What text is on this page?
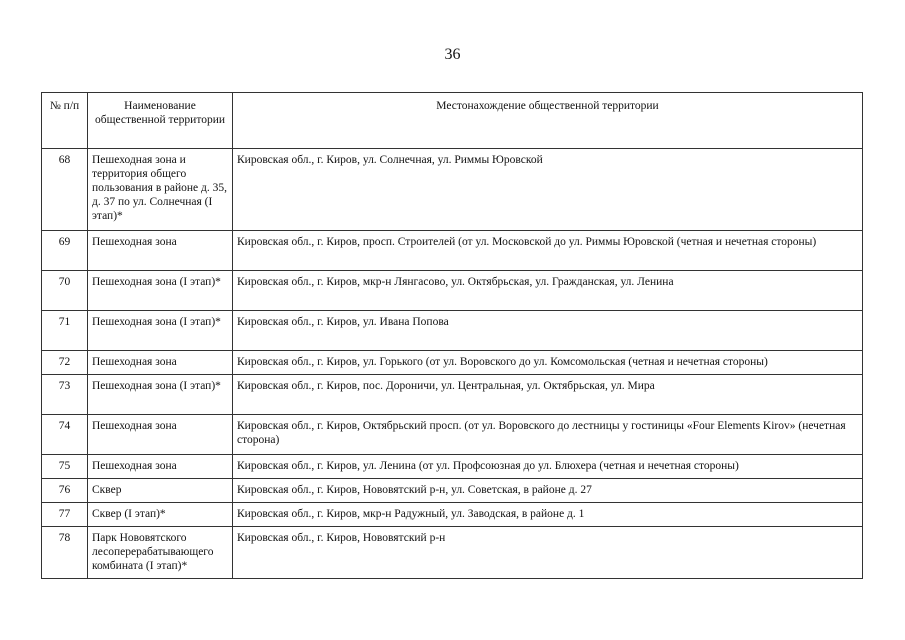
36
№ п/п	Наименование общественной территории	Местонахождение общественной территории
68	Пешеходная зона и территория общего пользования в районе д. 35, д. 37 по ул. Солнечная (I этап)*	Кировская обл., г. Киров, ул. Солнечная, ул. Риммы Юровской
69	Пешеходная зона	Кировская обл., г. Киров, просп. Строителей (от ул. Московской до ул. Риммы Юровской (четная и нечетная стороны)
70	Пешеходная зона (I этап)*	Кировская обл., г. Киров, мкр-н Лянгасово, ул. Октябрьская, ул. Гражданская, ул. Ленина
71	Пешеходная зона (I этап)*	Кировская обл., г. Киров, ул. Ивана Попова
72	Пешеходная зона	Кировская обл., г. Киров, ул. Горького (от ул. Воровского до ул. Комсомольская (четная и нечетная стороны)
73	Пешеходная зона (I этап)*	Кировская обл., г. Киров, пос. Дороничи, ул. Центральная, ул. Октябрьская, ул. Мира
74	Пешеходная зона	Кировская обл., г. Киров, Октябрьский просп. (от ул. Воровского до лестницы у гостиницы «Four Elements Kirov» (нечетная сторона)
75	Пешеходная зона	Кировская обл., г. Киров, ул. Ленина (от ул. Профсоюзная до ул. Блюхера (четная и нечетная стороны)
76	Сквер	Кировская обл., г. Киров, Нововятский р-н, ул. Советская, в районе д. 27
77	Сквер (I этап)*	Кировская обл., г. Киров, мкр-н Радужный, ул. Заводская, в районе д. 1
78	Парк Нововятского лесоперерабатывающего комбината (I этап)*	Кировская обл., г. Киров, Нововятский р-н
